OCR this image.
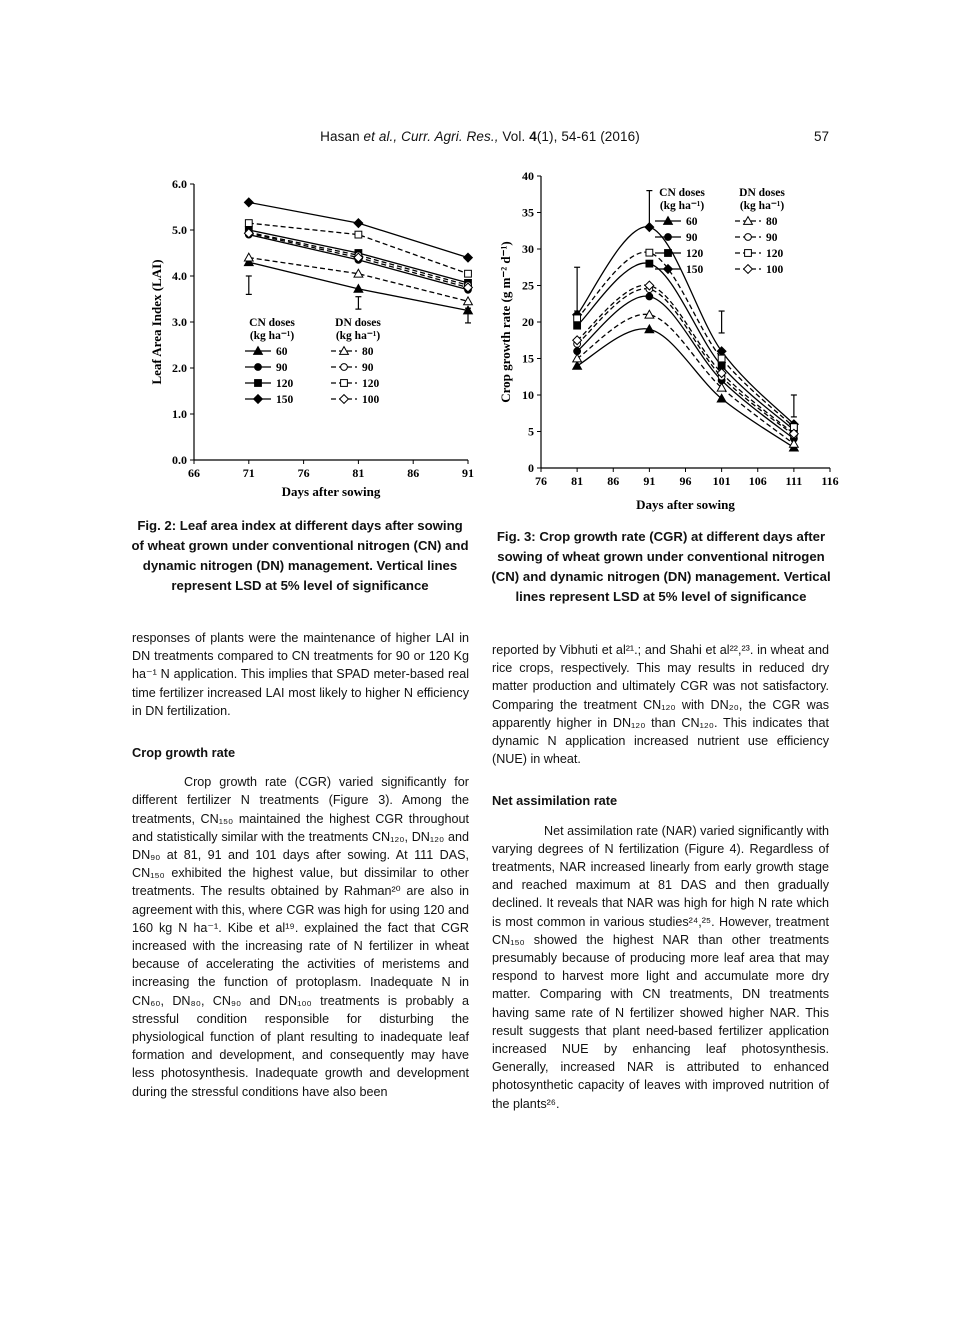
Hasan et al., Curr. Agri. Res., Vol. 4(1), 54-61 (2016)	57
66	71	76	81	86	91
0.0
1.0
2.0
3.0
4.0
5.0
6.0
Days after sowing
Leaf Area Index (LAI)	CN doses
(kg ha⁻¹)
60
90
120
150
DN doses
(kg ha⁻¹)
80
90
120
100
Fig. 2: Leaf area index at different days after sowing of wheat grown under conventional nitrogen (CN) and dynamic nitrogen (DN) management. Vertical lines represent LSD at 5% level of significance
76 81 86 91 96 101 106 111 116
0
5
10
15
20
25
30
35
40
Days after sowing
Crop growth rate (g m⁻² d⁻¹)
CN doses
(kg ha⁻¹)
60
90
120
150
DN doses
(kg ha⁻¹)
80
90
120
100
Fig. 3: Crop growth rate (CGR) at different days after sowing of wheat grown under conventional nitrogen (CN) and dynamic nitrogen (DN) management. Vertical lines represent LSD at 5% level of significance

responses of plants were the maintenance of higher LAI in DN treatments compared to CN treatments for 90 or 120 Kg ha⁻¹ N application. This implies that SPAD meter-based real time fertilizer increased LAI most likely to higher N efficiency in DN fertilization.

Crop growth rate

Crop growth rate (CGR) varied significantly for different fertilizer N treatments (Figure 3). Among the treatments, CN₁₅₀ maintained the highest CGR throughout and statistically similar with the treatments CN₁₂₀, DN₁₂₀ and DN₉₀ at 81, 91 and 101 days after sowing. At 111 DAS, CN₁₅₀ exhibited the highest value, but dissimilar to other treatments. The results obtained by Rahman²⁰ are also in agreement with this, where CGR was high for using 120 and 160 kg N ha⁻¹. Kibe et al¹⁹. explained the fact that CGR increased with the increasing rate of N fertilizer in wheat because of accelerating the activities of meristems and increasing the function of protoplasm. Inadequate N in CN₆₀, DN₈₀, CN₉₀ and DN₁₀₀ treatments is probably a stressful condition responsible for disturbing the physiological function of plant resulting to inadequate leaf formation and development, and consequently may have less photosynthesis. Inadequate growth and development during the stressful conditions have also been

reported by Vibhuti et al²¹.; and Shahi et al²²,²³. in wheat and rice crops, respectively. This may results in reduced dry matter production and ultimately CGR was not satisfactory. Comparing the treatment CN₁₂₀ with DN₂₀, the CGR was apparently higher in DN₁₂₀ than CN₁₂₀. This indicates that dynamic N application increased nutrient use efficiency (NUE) in wheat.

Net assimilation rate

Net assimilation rate (NAR) varied significantly with varying degrees of N fertilization (Figure 4). Regardless of treatments, NAR increased linearly from early growth stage and reached maximum at 81 DAS and then gradually declined. It reveals that NAR was high for high N rate which is most common in various studies²⁴,²⁵. However, treatment CN₁₅₀ showed the highest NAR than other treatments presumably because of producing more leaf area that may respond to harvest more light and accumulate more dry matter. Comparing with CN treatments, DN treatments having same rate of N fertilizer showed higher NAR. This result suggests that plant need-based fertilizer application increased NUE by enhancing leaf photosynthesis. Generally, increased NAR is attributed to enhanced photosynthetic capacity of leaves with improved nutrition of the plants²⁶.
